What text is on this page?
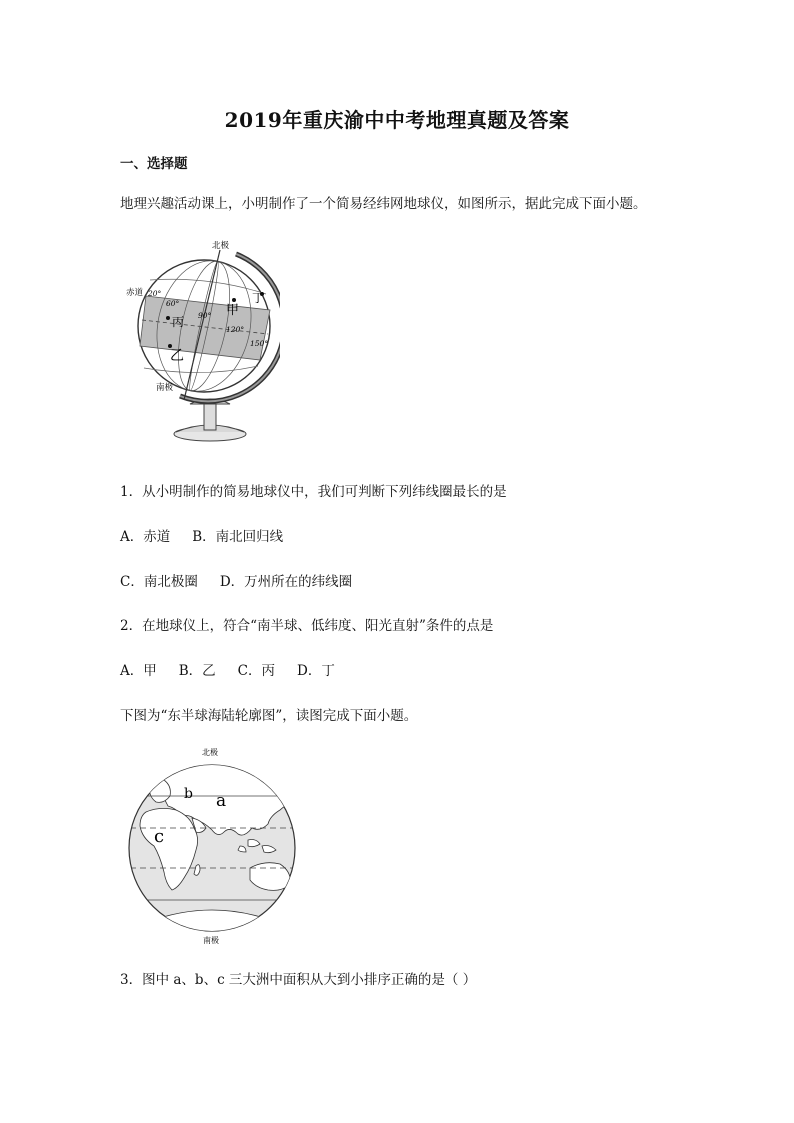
2019年重庆渝中中考地理真题及答案
一、选择题
地理兴趣活动课上，小明制作了一个简易经纬网地球仪，如图所示，据此完成下面小题。
北极
南极
赤道 20°
60°
90°
120°
150°
甲
丁
丙
乙
1．从小明制作的简易地球仪中，我们可判断下列纬线圈最长的是
A．赤道 B．南北回归线
C．南北极圈 D．万州所在的纬线圈
2．在地球仪上，符合“南半球、低纬度、阳光直射”条件的点是
A．甲 B．乙 C．丙 D．丁
下图为“东半球海陆轮廓图”，读图完成下面小题。
北极
南极
a
b
c
3．图中 a、b、c 三大洲中面积从大到小排序正确的是（ ）
